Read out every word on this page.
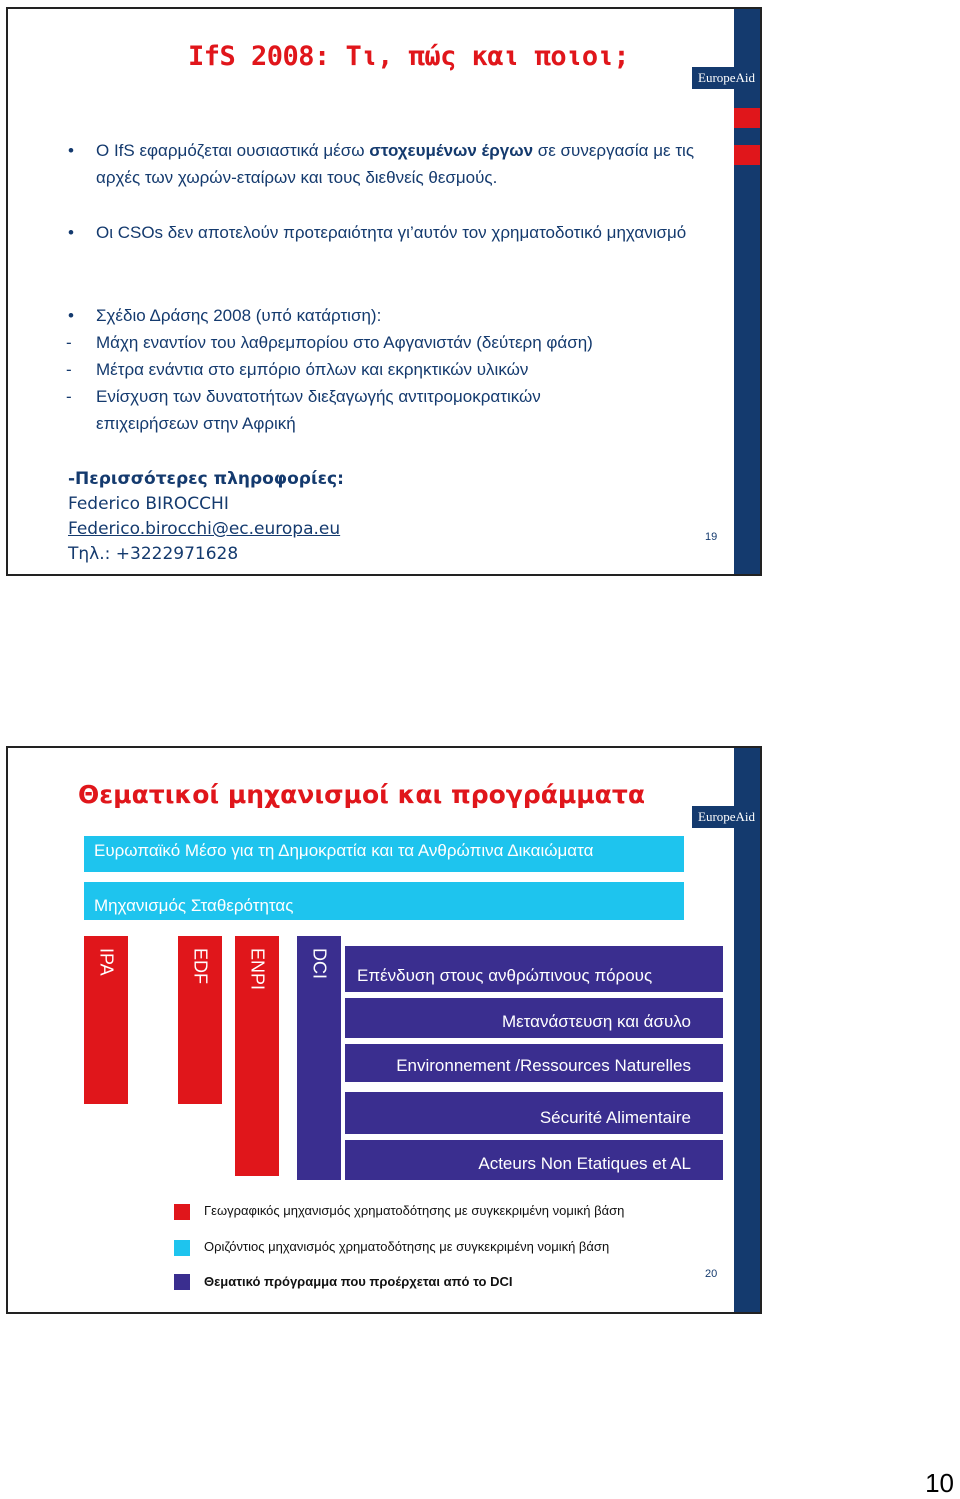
EuropeAid
IfS 2008: Τι, πώς και ποιοι;
• Ο IfS εφαρμόζεται ουσιαστικά μέσω στοχευμένων έργων σε συνεργασία με τις αρχές των χωρών-εταίρων και τους διεθνείς θεσμούς.
• Οι CSOs δεν αποτελούν προτεραιότητα γι’αυτόν τον χρηματοδοτικό μηχανισμό
• Σχέδιο Δράσης 2008 (υπό κατάρτιση):
- Μάχη εναντίον του λαθρεμπορίου στο Αφγανιστάν (δεύτερη φάση)
- Μέτρα ενάντια στο εμπόριο όπλων και εκρηκτικών υλικών
- Ενίσχυση των δυνατοτήτων διεξαγωγής αντιτρομοκρατικών
επιχειρήσεων στην Αφρική
-Περισσότερες πληροφορίες:
Federico BIROCCHI
Federico.birocchi@ec.europa.eu
Τηλ.: +3222971628
19
EuropeAid
Θεματικοί μηχανισμοί και προγράμματα
Ευρωπαϊκό Μέσο για τη Δημοκρατία και τα Ανθρώπινα Δικαιώματα
Μηχανισμός Σταθερότητας
IPA	EDF ENPI DCI Επένδυση στους ανθρώπινους πόρους
Μετανάστευση και άσυλο
Environnement /Ressources Naturelles
Sécurité Alimentaire
Acteurs Non Etatiques et AL
Γεωγραφικός μηχανισμός χρηματοδότησης με συγκεκριμένη νομική βάση
Οριζόντιος μηχανισμός χρηματοδότησης με συγκεκριμένη νομική βάση
Θεματικό πρόγραμμα που προέρχεται από το DCI	20
10
